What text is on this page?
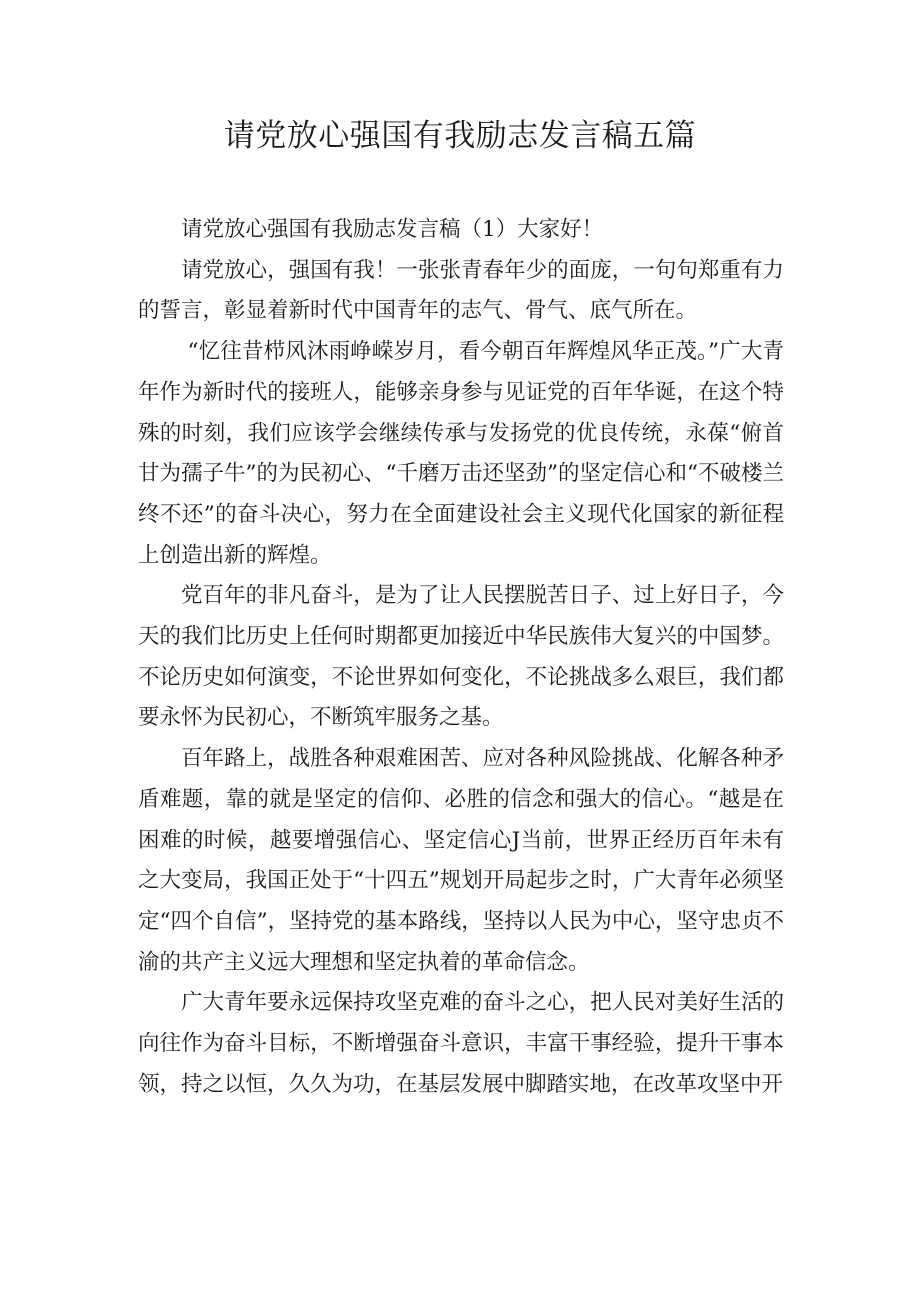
请党放心强国有我励志发言稿五篇

请党放心强国有我励志发言稿（1）大家好！

请党放心，强国有我！一张张青春年少的面庞，一句句郑重有力的誓言，彰显着新时代中国青年的志气、骨气、底气所在。

“忆往昔栉风沐雨峥嵘岁月，看今朝百年辉煌风华正茂。”广大青年作为新时代的接班人，能够亲身参与见证党的百年华诞，在这个特殊的时刻，我们应该学会继续传承与发扬党的优良传统，永葆“俯首甘为孺子牛”的为民初心、“千磨万击还坚劲”的坚定信心和“不破楼兰终不还”的奋斗决心，努力在全面建设社会主义现代化国家的新征程上创造出新的辉煌。

党百年的非凡奋斗，是为了让人民摆脱苦日子、过上好日子，今天的我们比历史上任何时期都更加接近中华民族伟大复兴的中国梦。不论历史如何演变，不论世界如何变化，不论挑战多么艰巨，我们都要永怀为民初心，不断筑牢服务之基。

百年路上，战胜各种艰难困苦、应对各种风险挑战、化解各种矛盾难题，靠的就是坚定的信仰、必胜的信念和强大的信心。“越是在困难的时候，越要增强信心、坚定信心J当前，世界正经历百年未有之大变局，我国正处于“十四五”规划开局起步之时，广大青年必须坚定“四个自信”，坚持党的基本路线，坚持以人民为中心，坚守忠贞不渝的共产主义远大理想和坚定执着的革命信念。

广大青年要永远保持攻坚克难的奋斗之心，把人民对美好生活的向往作为奋斗目标，不断增强奋斗意识，丰富干事经验，提升干事本领，持之以恒，久久为功，在基层发展中脚踏实地，在改革攻坚中开
